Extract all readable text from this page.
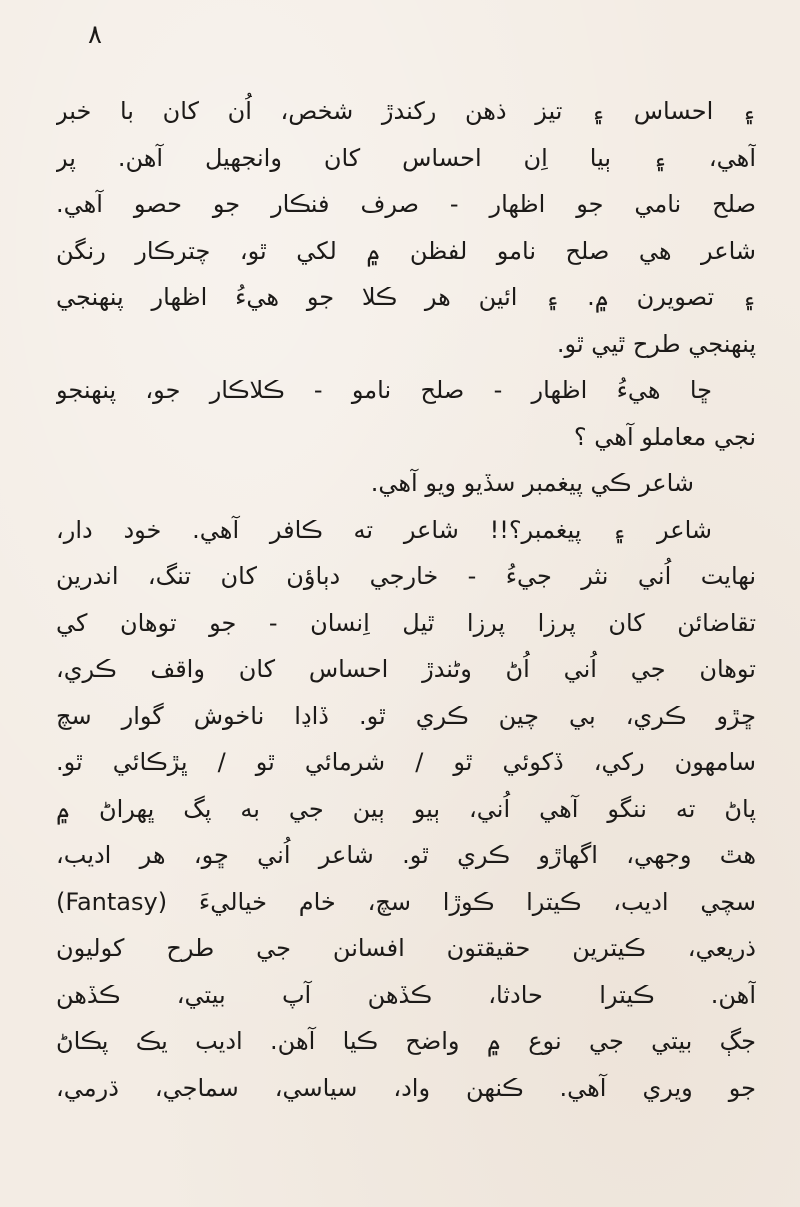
٨
۽ احساس ۽ تيز ذهن رکندڙ شخص، اُن کان با خبر
آهي، ۽ ٻيا اِن احساس کان وانجهيل آهن. پر
صلح نامي جو اظهار - صرف فنڪار جو حصو آهي.
شاعر هي صلح نامو لفظن ۾ لکي ٿو، چترڪار رنگن
۽ تصويرن ۾. ۽ ائين هر ڪلا جو هيءُ اظهار پنهنجي
پنهنجي طرح ٿيي ٿو.
ڇا هيءُ اظهار - صلح نامو - ڪلاڪار جو، پنهنجو
نجي معاملو آهي ؟
شاعر ڪي پيغمبر سڏيو ويو آهي.
شاعر ۽ پيغمبر؟!! شاعر ته ڪافر آهي. خود دار،
نهايت اُني نثر جيءُ - خارجي دٻاؤن کان تنگ، اندرين
تقاضائن کان پرزا پرزا ٿيل اِنسان - جو توهان کي
توهان جي اُني اُڻ وڻندڙ احساس کان واقف ڪري،
ڇڙو ڪري، بي چين ڪري ٿو. ڏاڍا ناخوش گوار سچ
سامهون رکي، ڏکوئي ٿو / شرمائي ٿو / ڀڙڪائي ٿو.
پاڻ ته ننگو آهي اُني، ٻيو ٻين جي به پگ ڀهراڻ ۾
هٿ وجهي، اگهاڙو ڪري ٿو. شاعر اُني ڇو، هر اديب،
سچي اديب، ڪيترا ڪوڙا سچ، خام خياليءَ (Fantasy)
ذريعي، ڪيترين حقيقتون افسانن جي طرح کوليون
آهن. ڪيترا حادثا، ڪڏهن آپ بيتي، ڪڏهن
جڳ بيتي جي نوع ۾ واضح ڪيا آهن. اديب يڪ پڪاڻ
جو ويري آهي. ڪنهن واد، سياسي، سماجي، ڌرمي،
